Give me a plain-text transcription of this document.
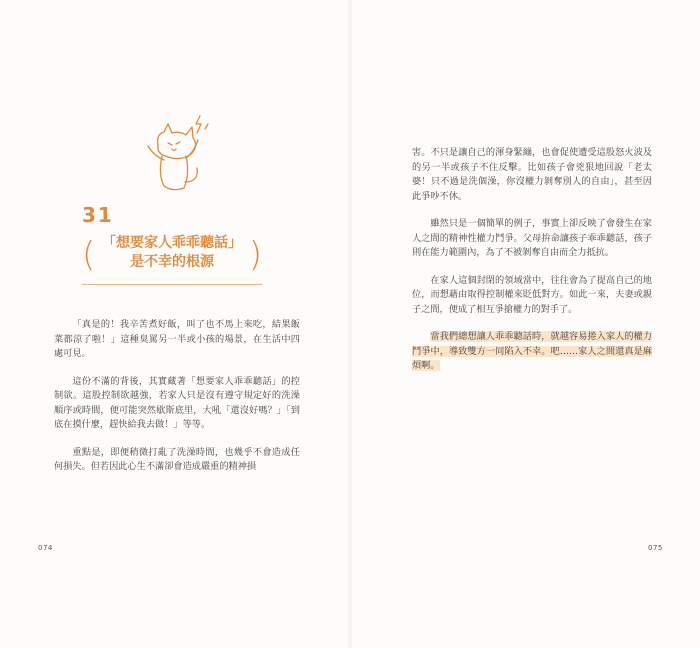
31
( 「想要家人乖乖聽話」
是不幸的根源	)

「真是的！我辛苦煮好飯，叫了也不馬上來吃，結果飯菜都涼了啦！」這種臭罵另一半或小孩的場景，在生活中四處可見。

這份不滿的背後，其實藏著「想要家人乖乖聽話」的控制欲。這股控制欲越強，若家人只是沒有遵守規定好的洗澡順序或時間，便可能突然歇斯底里，大吼「還沒好嗎？」「到底在摸什麼，趕快給我去做！」等等。

重點是，即便稍微打亂了洗澡時間，也幾乎不會造成任何損失。但若因此心生不滿卻會造成嚴重的精神損

074

害。不只是讓自己的渾身緊繃，也會促使遭受這股怒火波及的另一半或孩子不住反擊。比如孩子會兇狠地回說「老太婆！只不過是洗個澡，你沒權力剝奪別人的自由」，甚至因此爭吵不休。

雖然只是一個簡單的例子，事實上卻反映了會發生在家人之間的精神性權力鬥爭。父母拚命讓孩子乖乖聽話，孩子則在能力範圍內，為了不被剝奪自由而全力抵抗。

在家人這個封閉的領域當中，往往會為了提高自己的地位，而想藉由取得控制權來貶低對方。如此一來，夫妻或親子之間，便成了相互爭搶權力的對手了。

當我們總想讓人乖乖聽話時，就越容易捲入家人的權力鬥爭中，導致雙方一同陷入不幸。吧……家人之間還真是麻煩啊。

075
